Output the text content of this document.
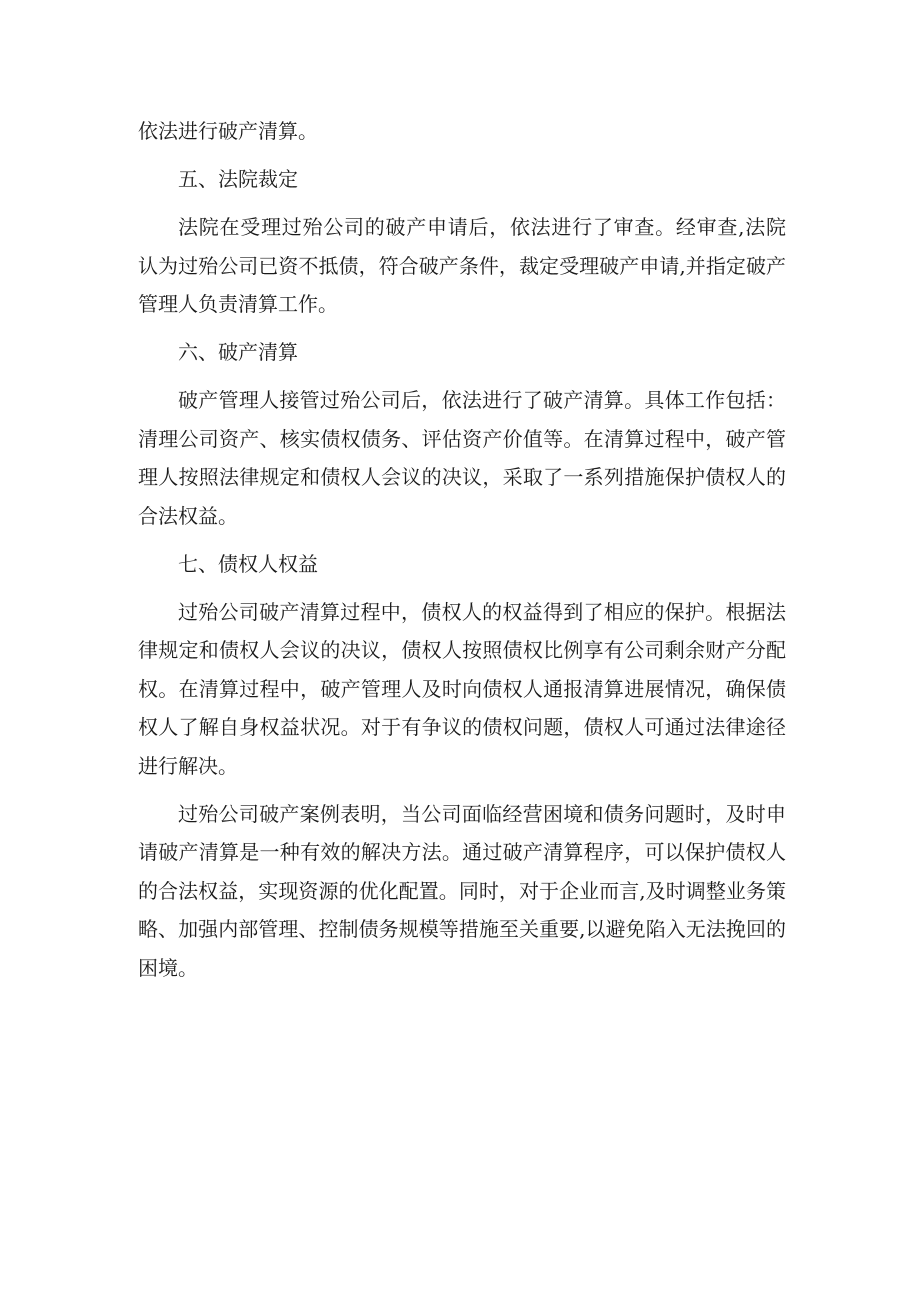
依法进行破产清算。
五、法院裁定
法院在受理过殆公司的破产申请后，依法进行了审查。经审查,法院
认为过殆公司已资不抵债，符合破产条件，裁定受理破产申请,并指定破产
管理人负责清算工作。
六、破产清算
破产管理人接管过殆公司后，依法进行了破产清算。具体工作包括：
清理公司资产、核实债权债务、评估资产价值等。在清算过程中，破产管
理人按照法律规定和债权人会议的决议，采取了一系列措施保护债权人的
合法权益。
七、债权人权益
过殆公司破产清算过程中，债权人的权益得到了相应的保护。根据法
律规定和债权人会议的决议，债权人按照债权比例享有公司剩余财产分配
权。在清算过程中，破产管理人及时向债权人通报清算进展情况，确保债
权人了解自身权益状况。对于有争议的债权问题，债权人可通过法律途径
进行解决。
过殆公司破产案例表明，当公司面临经营困境和债务问题时，及时申
请破产清算是一种有效的解决方法。通过破产清算程序，可以保护债权人
的合法权益，实现资源的优化配置。同时，对于企业而言,及时调整业务策
略、加强内部管理、控制债务规模等措施至关重要,以避免陷入无法挽回的
困境。
